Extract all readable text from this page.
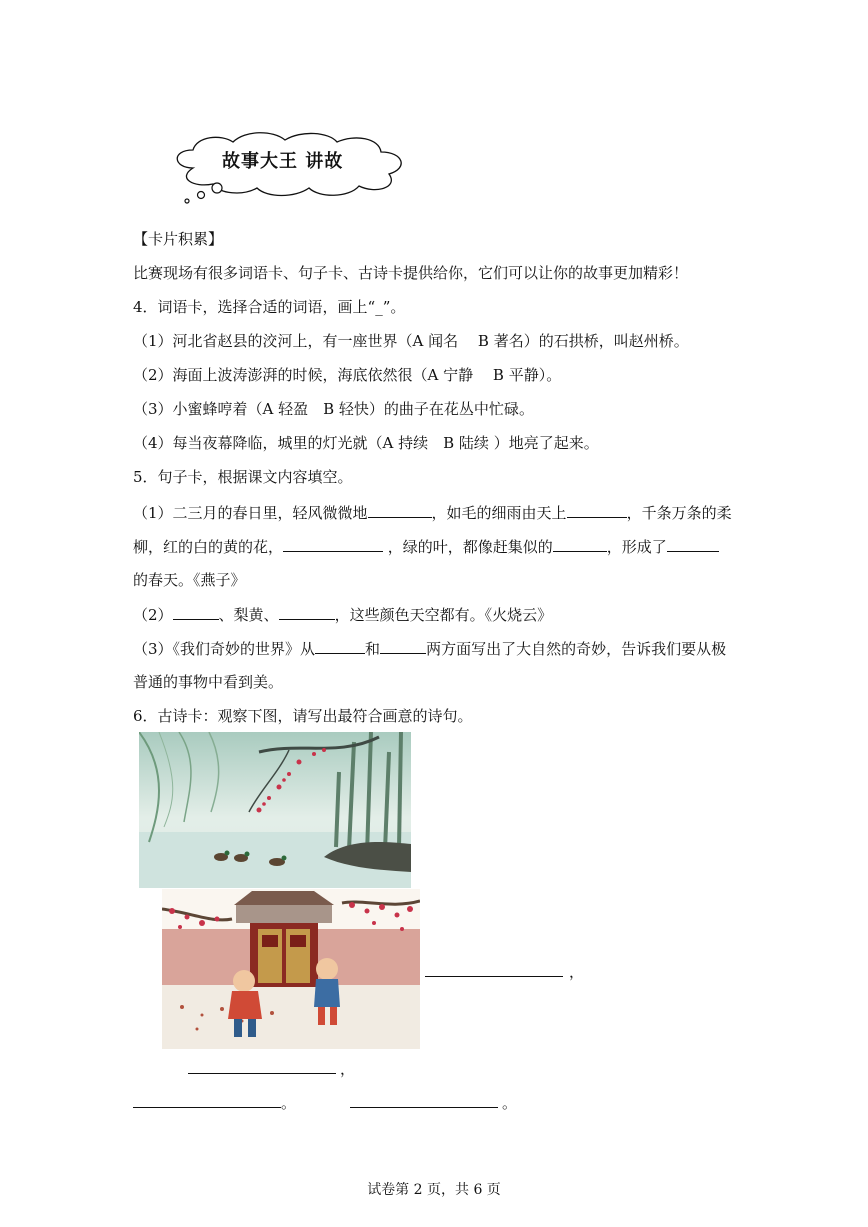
故事大王 讲故
【卡片积累】
比赛现场有很多词语卡、句子卡、古诗卡提供给你，它们可以让你的故事更加精彩！
4．词语卡，选择合适的词语，画上“_”。
（1）河北省赵县的洨河上，有一座世界（A 闻名　 B 著名）的石拱桥，叫赵州桥。
（2）海面上波涛澎湃的时候，海底依然很（A 宁静　 B 平静）。
（3）小蜜蜂哼着（A 轻盈　B 轻快）的曲子在花丛中忙碌。
（4）每当夜幕降临，城里的灯光就（A 持续　B 陆续 ）地亮了起来。
5．句子卡，根据课文内容填空。
（1）二三月的春日里，轻风微微地	，如毛的细雨由天上	，千条万条的柔
柳，红的白的黄的花，	，绿的叶，都像赶集似的	，形成了
的春天。《燕子》
（2）	、梨黄、	，这些颜色天空都有。《火烧云》
（3）《我们奇妙的世界》从	和	两方面写出了大自然的奇妙，告诉我们要从极
普通的事物中看到美。
6．古诗卡：观察下图，请写出最符合画意的诗句。
，
，
。	。
试卷第 2 页，共 6 页
